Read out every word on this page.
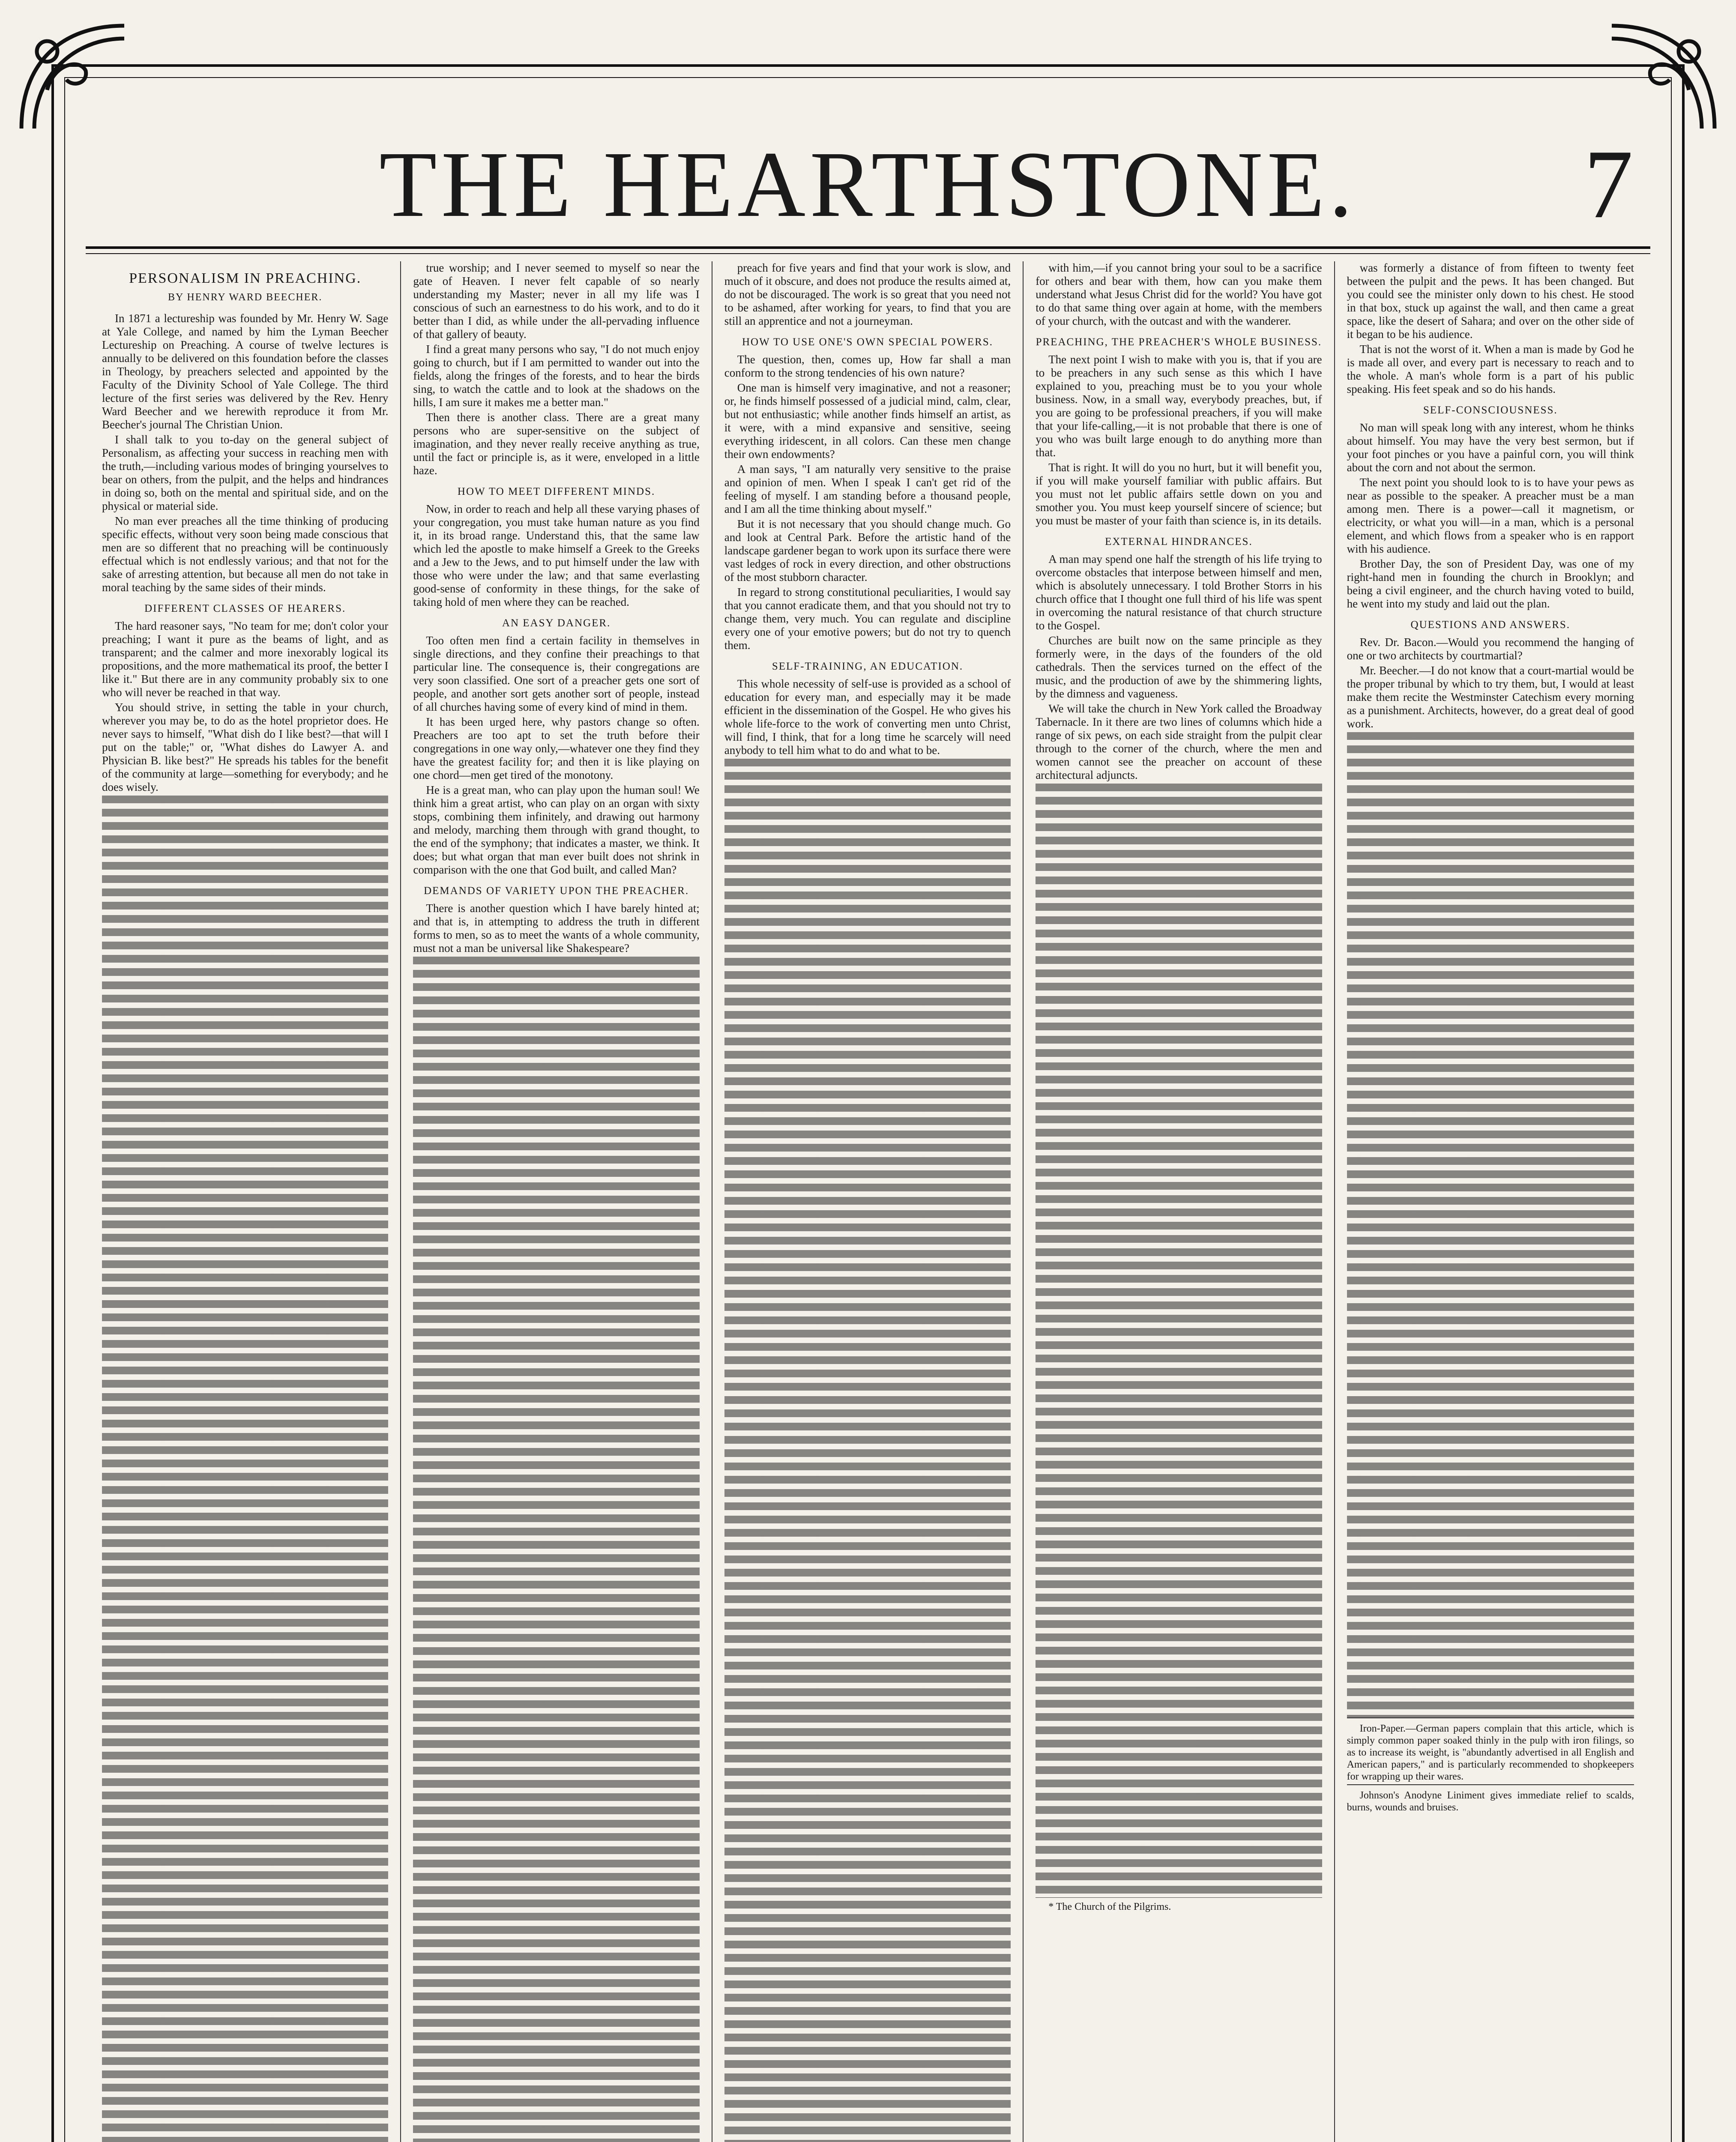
THE HEARTHSTONE. 7
PERSONALISM IN PREACHING.
BY HENRY WARD BEECHER.

In 1871 a lectureship was founded by Mr. Henry W. Sage at Yale College, and named by him the Lyman Beecher Lectureship on Preaching. A course of twelve lectures is annually to be delivered on this foundation before the classes in Theology, by preachers selected and appointed by the Faculty of the Divinity School of Yale College. The third lecture of the first series was delivered by the Rev. Henry Ward Beecher and we herewith reproduce it from Mr. Beecher's journal The Christian Union.

I shall talk to you to-day on the general subject of Personalism, as affecting your success in reaching men with the truth,—including various modes of bringing yourselves to bear on others, from the pulpit, and the helps and hindrances in doing so, both on the mental and spiritual side, and on the physical or material side.

No man ever preaches all the time thinking of producing specific effects, without very soon being made conscious that men are so different that no preaching will be continuously effectual which is not endlessly various; and that not for the sake of arresting attention, but because all men do not take in moral teaching by the same sides of their minds.

DIFFERENT CLASSES OF HEARERS.

The hard reasoner says, "No team for me; don't color your preaching; I want it pure as the beams of light, and as transparent; and the calmer and more inexorably logical its propositions, and the more mathematical its proof, the better I like it." But there are in any community probably six to one who will never be reached in that way.

You should strive, in setting the table in your church, wherever you may be, to do as the hotel proprietor does. He never says to himself, "What dish do I like best?—that will I put on the table;" or, "What dishes do Lawyer A. and Physician B. like best?" He spreads his tables for the benefit of the community at large—something for everybody; and he does wisely.

true worship; and I never seemed to myself so near the gate of Heaven. I never felt capable of so nearly understanding my Master; never in all my life was I conscious of such an earnestness to do his work, and to do it better than I did, as while under the all-pervading influence of that gallery of beauty.

I find a great many persons who say, "I do not much enjoy going to church, but if I am permitted to wander out into the fields, along the fringes of the forests, and to hear the birds sing, to watch the cattle and to look at the shadows on the hills, I am sure it makes me a better man."

Then there is another class. There are a great many persons who are super-sensitive on the subject of imagination, and they never really receive anything as true, until the fact or principle is, as it were, enveloped in a little haze.

HOW TO MEET DIFFERENT MINDS.

Now, in order to reach and help all these varying phases of your congregation, you must take human nature as you find it, in its broad range. Understand this, that the same law which led the apostle to make himself a Greek to the Greeks and a Jew to the Jews, and to put himself under the law with those who were under the law; and that same everlasting good-sense of conformity in these things, for the sake of taking hold of men where they can be reached.

AN EASY DANGER.

Too often men find a certain facility in themselves in single directions, and they confine their preachings to that particular line. The consequence is, their congregations are very soon classified. One sort of a preacher gets one sort of people, and another sort gets another sort of people, instead of all churches having some of every kind of mind in them.

It has been urged here, why pastors change so often. Preachers are too apt to set the truth before their congregations in one way only,—whatever one they find they have the greatest facility for; and then it is like playing on one chord—men get tired of the monotony.

He is a great man, who can play upon the human soul! We think him a great artist, who can play on an organ with sixty stops, combining them infinitely, and drawing out harmony and melody, marching them through with grand thought, to the end of the symphony; that indicates a master, we think. It does; but what organ that man ever built does not shrink in comparison with the one that God built, and called Man?

DEMANDS OF VARIETY UPON THE PREACHER.

There is another question which I have barely hinted at; and that is, in attempting to address the truth in different forms to men, so as to meet the wants of a whole community, must not a man be universal like Shakespeare?

preach for five years and find that your work is slow, and much of it obscure, and does not produce the results aimed at, do not be discouraged. The work is so great that you need not to be ashamed, after working for years, to find that you are still an apprentice and not a journeyman.

HOW TO USE ONE'S OWN SPECIAL POWERS.

The question, then, comes up, How far shall a man conform to the strong tendencies of his own nature?

One man is himself very imaginative, and not a reasoner; or, he finds himself possessed of a judicial mind, calm, clear, but not enthusiastic; while another finds himself an artist, as it were, with a mind expansive and sensitive, seeing everything iridescent, in all colors. Can these men change their own endowments?

A man says, "I am naturally very sensitive to the praise and opinion of men. When I speak I can't get rid of the feeling of myself. I am standing before a thousand people, and I am all the time thinking about myself."

But it is not necessary that you should change much. Go and look at Central Park. Before the artistic hand of the landscape gardener began to work upon its surface there were vast ledges of rock in every direction, and other obstructions of the most stubborn character.

In regard to strong constitutional peculiarities, I would say that you cannot eradicate them, and that you should not try to change them, very much. You can regulate and discipline every one of your emotive powers; but do not try to quench them.

SELF-TRAINING, AN EDUCATION.

This whole necessity of self-use is provided as a school of education for every man, and especially may it be made efficient in the dissemination of the Gospel. He who gives his whole life-force to the work of converting men unto Christ, will find, I think, that for a long time he scarcely will need anybody to tell him what to do and what to be.

with him,—if you cannot bring your soul to be a sacrifice for others and bear with them, how can you make them understand what Jesus Christ did for the world? You have got to do that same thing over again at home, with the members of your church, with the outcast and with the wanderer.

PREACHING, THE PREACHER'S WHOLE BUSINESS.

The next point I wish to make with you is, that if you are to be preachers in any such sense as this which I have explained to you, preaching must be to you your whole business. Now, in a small way, everybody preaches, but, if you are going to be professional preachers, if you will make that your life-calling,—it is not probable that there is one of you who was built large enough to do anything more than that.

That is right. It will do you no hurt, but it will benefit you, if you will make yourself familiar with public affairs. But you must not let public affairs settle down on you and smother you. You must keep yourself sincere of science; but you must be master of your faith than science is, in its details.

EXTERNAL HINDRANCES.

A man may spend one half the strength of his life trying to overcome obstacles that interpose between himself and men, which is absolutely unnecessary. I told Brother Storrs in his church office that I thought one full third of his life was spent in overcoming the natural resistance of that church structure to the Gospel.

Churches are built now on the same principle as they formerly were, in the days of the founders of the old cathedrals. Then the services turned on the effect of the music, and the production of awe by the shimmering lights, by the dimness and vagueness.

We will take the church in New York called the Broadway Tabernacle. In it there are two lines of columns which hide a range of six pews, on each side straight from the pulpit clear through to the corner of the church, where the men and women cannot see the preacher on account of these architectural adjuncts.

* The Church of the Pilgrims.

was formerly a distance of from fifteen to twenty feet between the pulpit and the pews. It has been changed. But you could see the minister only down to his chest. He stood in that box, stuck up against the wall, and then came a great space, like the desert of Sahara; and over on the other side of it began to be his audience.

That is not the worst of it. When a man is made by God he is made all over, and every part is necessary to reach and to the whole. A man's whole form is a part of his public speaking. His feet speak and so do his hands.

SELF-CONSCIOUSNESS.

No man will speak long with any interest, whom he thinks about himself. You may have the very best sermon, but if your foot pinches or you have a painful corn, you will think about the corn and not about the sermon.

The next point you should look to is to have your pews as near as possible to the speaker. A preacher must be a man among men. There is a power—call it magnetism, or electricity, or what you will—in a man, which is a personal element, and which flows from a speaker who is en rapport with his audience.

Brother Day, the son of President Day, was one of my right-hand men in founding the church in Brooklyn; and being a civil engineer, and the church having voted to build, he went into my study and laid out the plan.

QUESTIONS AND ANSWERS.

Rev. Dr. Bacon.—Would you recommend the hanging of one or two architects by courtmartial?

Mr. Beecher.—I do not know that a court-martial would be the proper tribunal by which to try them, but, I would at least make them recite the Westminster Catechism every morning as a punishment. Architects, however, do a great deal of good work.

Iron-Paper.—German papers complain that this article, which is simply common paper soaked thinly in the pulp with iron filings, so as to increase its weight, is "abundantly advertised in all English and American papers," and is particularly recommended to shopkeepers for wrapping up their wares.

Johnson's Anodyne Liniment gives immediate relief to scalds, burns, wounds and bruises.
